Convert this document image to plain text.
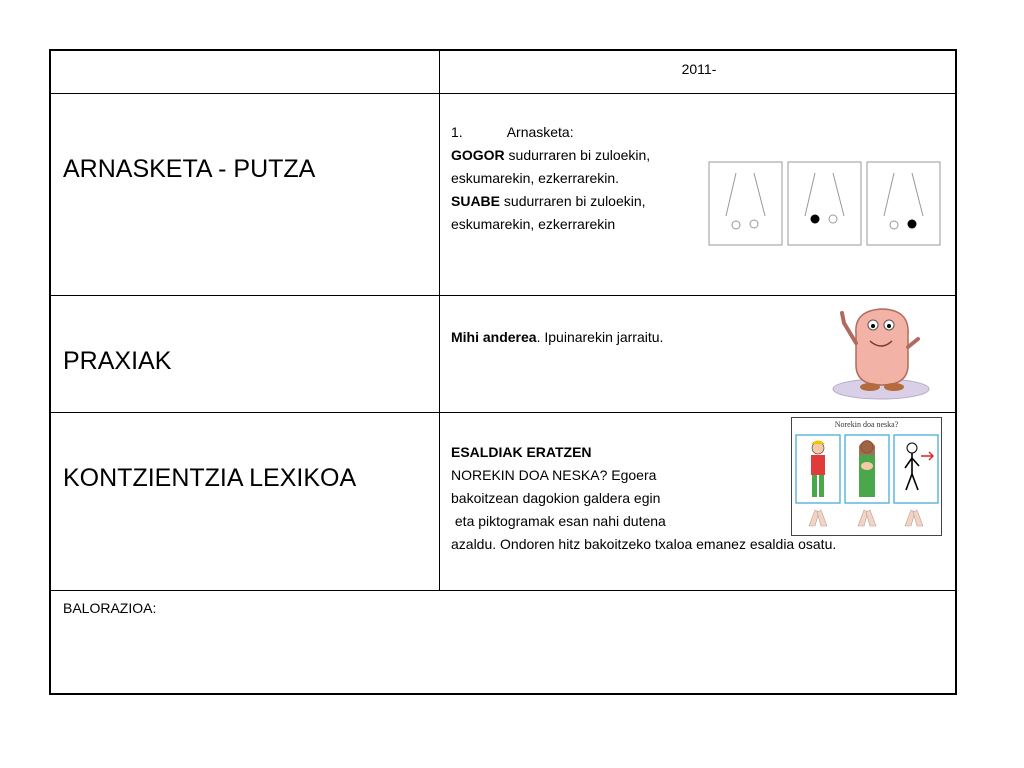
2011-
ARNASKETA - PUTZA
1.	Arnasketa:
GOGOR sudurraren bi zuloekin,
eskumarekin, ezkerrarekin.
SUABE sudurraren bi zuloekin,
eskumarekin, ezkerrarekin
PRAXIAK
Mihi anderea. Ipuinarekin jarraitu.
KONTZIENTZIA LEXIKOA
ESALDIAK ERATZEN
NOREKIN DOA NESKA? Egoera
bakoitzean dagokion galdera egin
eta piktogramak esan nahi dutena
azaldu. Ondoren hitz bakoitzeko txaloa emanez esaldia osatu.
Norekin doa neska?
BALORAZIOA:
